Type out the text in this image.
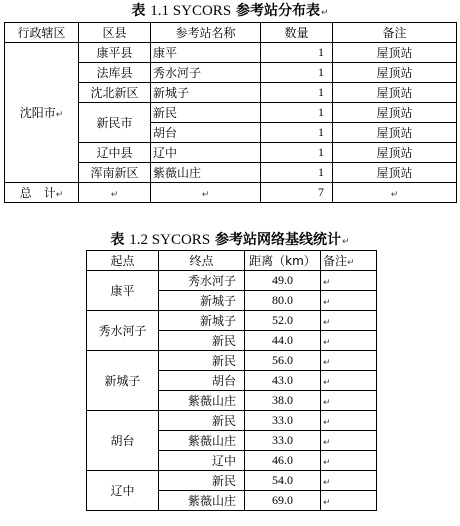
表 1.1 SYCORS 参考站分布表↵
行政辖区	区县	参考站名称	数量	备注
沈阳市↵	康平县	康平	1	屋顶站
	法库县	秀水河子	1	屋顶站
	沈北新区	新城子	1	屋顶站
	新民市	新民	1	屋顶站
		胡台	1	屋顶站
	辽中县	辽中	1	屋顶站
	浑南新区	紫薇山庄	1	屋顶站
总　计↵	↵	↵	7	↵
表 1.2 SYCORS 参考站网络基线统计↵
起点	终点	距离（km）	备注↵
康平	秀水河子	49.0	↵
	新城子	80.0	↵
秀水河子	新城子	52.0	↵
	新民	44.0	↵
新城子	新民	56.0	↵
	胡台	43.0	↵
	紫薇山庄	38.0	↵
胡台	新民	33.0	↵
	紫薇山庄	33.0	↵
	辽中	46.0	↵
辽中	新民	54.0	↵
	紫薇山庄	69.0	↵
